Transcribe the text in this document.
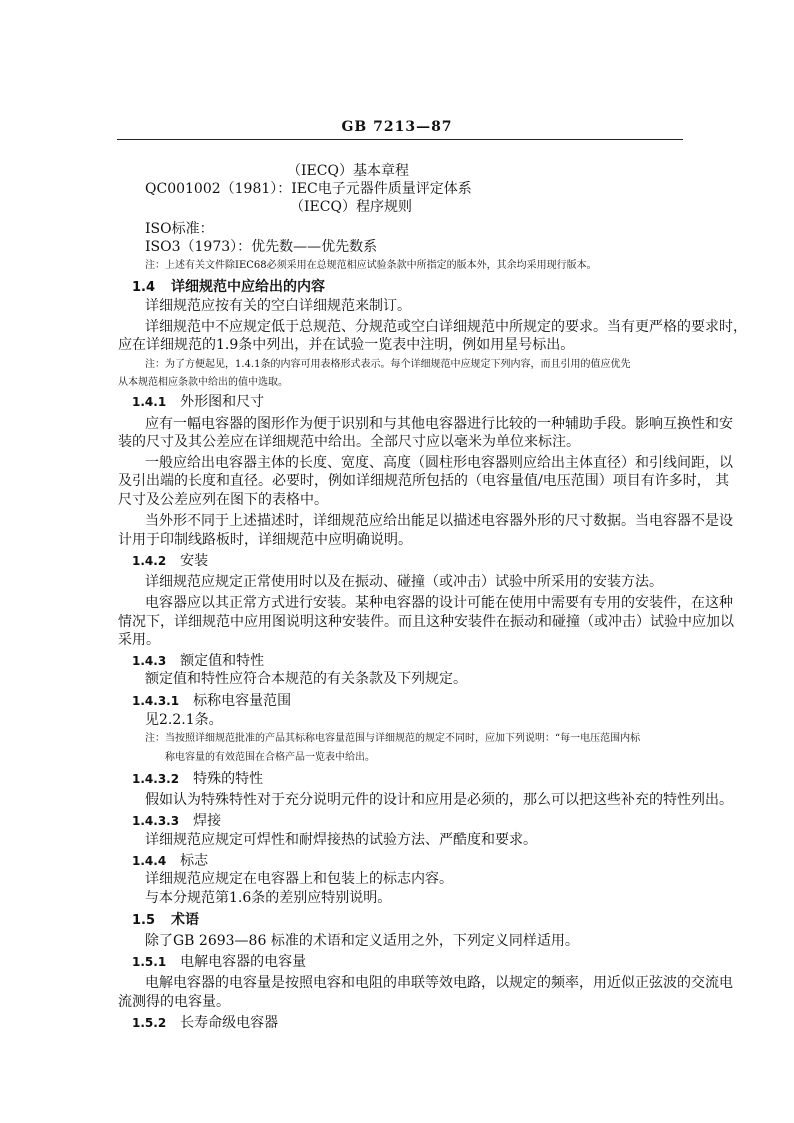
GB 7213—87
（IECQ）基本章程
QC001002（1981）：IEC电子元器件质量评定体系
（IECQ）程序规则
ISO标准：
ISO3（1973）：优先数——优先数系
注：上述有关文件除IEC68必须采用在总规范相应试验条款中所指定的版本外，其余均采用现行版本。
1.4 详细规范中应给出的内容
详细规范应按有关的空白详细规范来制订。
详细规范中不应规定低于总规范、分规范或空白详细规范中所规定的要求。当有更严格的要求时，
应在详细规范的1.9条中列出，并在试验一览表中注明，例如用星号标出。
注：为了方便起见，1.4.1条的内容可用表格形式表示。每个详细规范中应规定下列内容，而且引用的值应优先
从本规范相应条款中给出的值中选取。
1.4.1 外形图和尺寸
应有一幅电容器的图形作为便于识别和与其他电容器进行比较的一种辅助手段。影响互换性和安
装的尺寸及其公差应在详细规范中给出。全部尺寸应以毫米为单位来标注。
一般应给出电容器主体的长度、宽度、高度（圆柱形电容器则应给出主体直径）和引线间距，以
及引出端的长度和直径。必要时，例如详细规范所包括的（电容量值/电压范围）项目有许多时， 其
尺寸及公差应列在图下的表格中。
当外形不同于上述描述时，详细规范应给出能足以描述电容器外形的尺寸数据。当电容器不是设
计用于印制线路板时，详细规范中应明确说明。
1.4.2 安装
详细规范应规定正常使用时以及在振动、碰撞（或冲击）试验中所采用的安装方法。
电容器应以其正常方式进行安装。某种电容器的设计可能在使用中需要有专用的安装件，在这种
情况下，详细规范中应用图说明这种安装件。而且这种安装件在振动和碰撞（或冲击）试验中应加以
采用。
1.4.3 额定值和特性
额定值和特性应符合本规范的有关条款及下列规定。
1.4.3.1 标称电容量范围
见2.2.1条。
注：当按照详细规范批准的产品其标称电容量范围与详细规范的规定不同时，应加下列说明：“每一电压范围内标
称电容量的有效范围在合格产品一览表中给出。
1.4.3.2 特殊的特性
假如认为特殊特性对于充分说明元件的设计和应用是必须的，那么可以把这些补充的特性列出。
1.4.3.3 焊接
详细规范应规定可焊性和耐焊接热的试验方法、严酷度和要求。
1.4.4 标志
详细规范应规定在电容器上和包装上的标志内容。
与本分规范第1.6条的差别应特别说明。
1.5 术语
除了GB 2693—86 标准的术语和定义适用之外，下列定义同样适用。
1.5.1 电解电容器的电容量
电解电容器的电容量是按照电容和电阻的串联等效电路，以规定的频率，用近似正弦波的交流电
流测得的电容量。
1.5.2 长寿命级电容器
